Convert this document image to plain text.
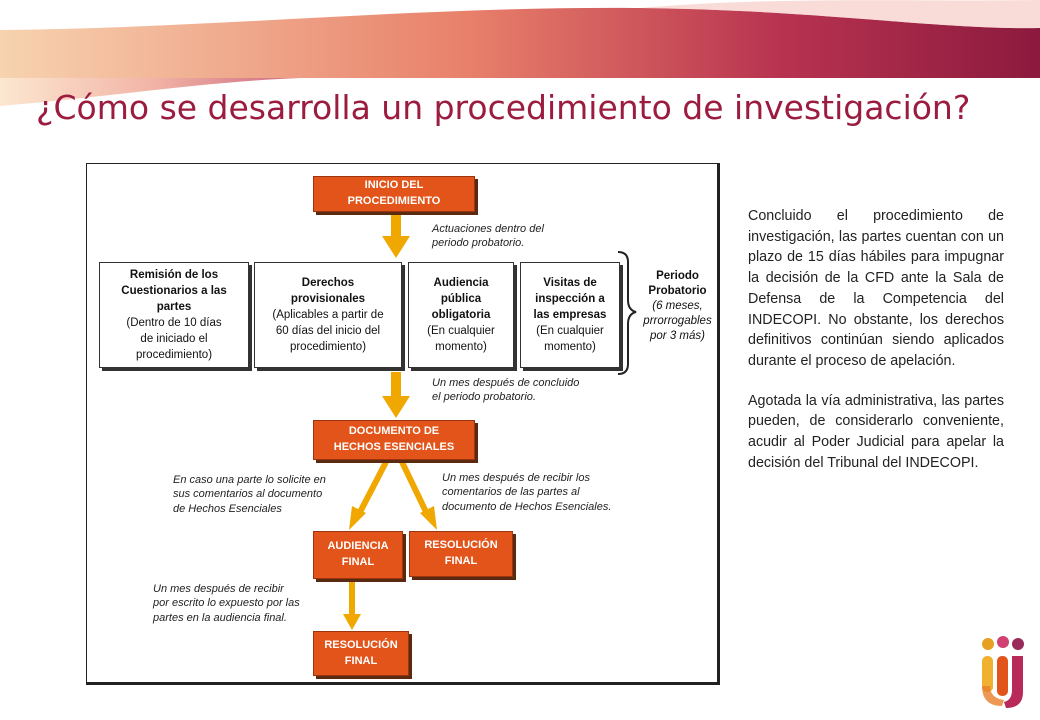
¿Cómo se desarrolla un procedimiento de investigación?
INICIO DEL
PROCEDIMIENTO
Actuaciones dentro del
periodo probatorio.
Remisión de los
Cuestionarios a las
partes
(Dentro de 10 días
de iniciado el
procedimiento)
Derechos
provisionales
(Aplicables a partir de
60 días del inicio del
procedimiento)
Audiencia
pública
obligatoria
(En cualquier
momento)
Visitas de
inspección a
las empresas
(En cualquier
momento)
Periodo
Probatorio
(6 meses,
prrorrogables
por 3 más)
Un mes después de concluido
el periodo probatorio.
DOCUMENTO DE
HECHOS ESENCIALES
En caso una parte lo solicite en
sus comentarios al documento
de Hechos Esenciales
Un mes después de recibir los
comentarios de las partes al
documento de Hechos Esenciales.
AUDIENCIA
FINAL
RESOLUCIÓN
FINAL
Un mes después de recibir
por escrito lo expuesto por las
partes en la audiencia final.
RESOLUCIÓN
FINAL

Concluido el procedimiento de investigación, las partes cuentan con un plazo de 15 días hábiles para impugnar la decisión de la CFD ante la Sala de Defensa de la Competencia del INDECOPI. No obstante, los derechos definitivos continúan siendo aplicados durante el proceso de apelación.

Agotada la vía administrativa, las partes pueden, de considerarlo conveniente, acudir al Poder Judicial para apelar la decisión del Tribunal del INDECOPI.
